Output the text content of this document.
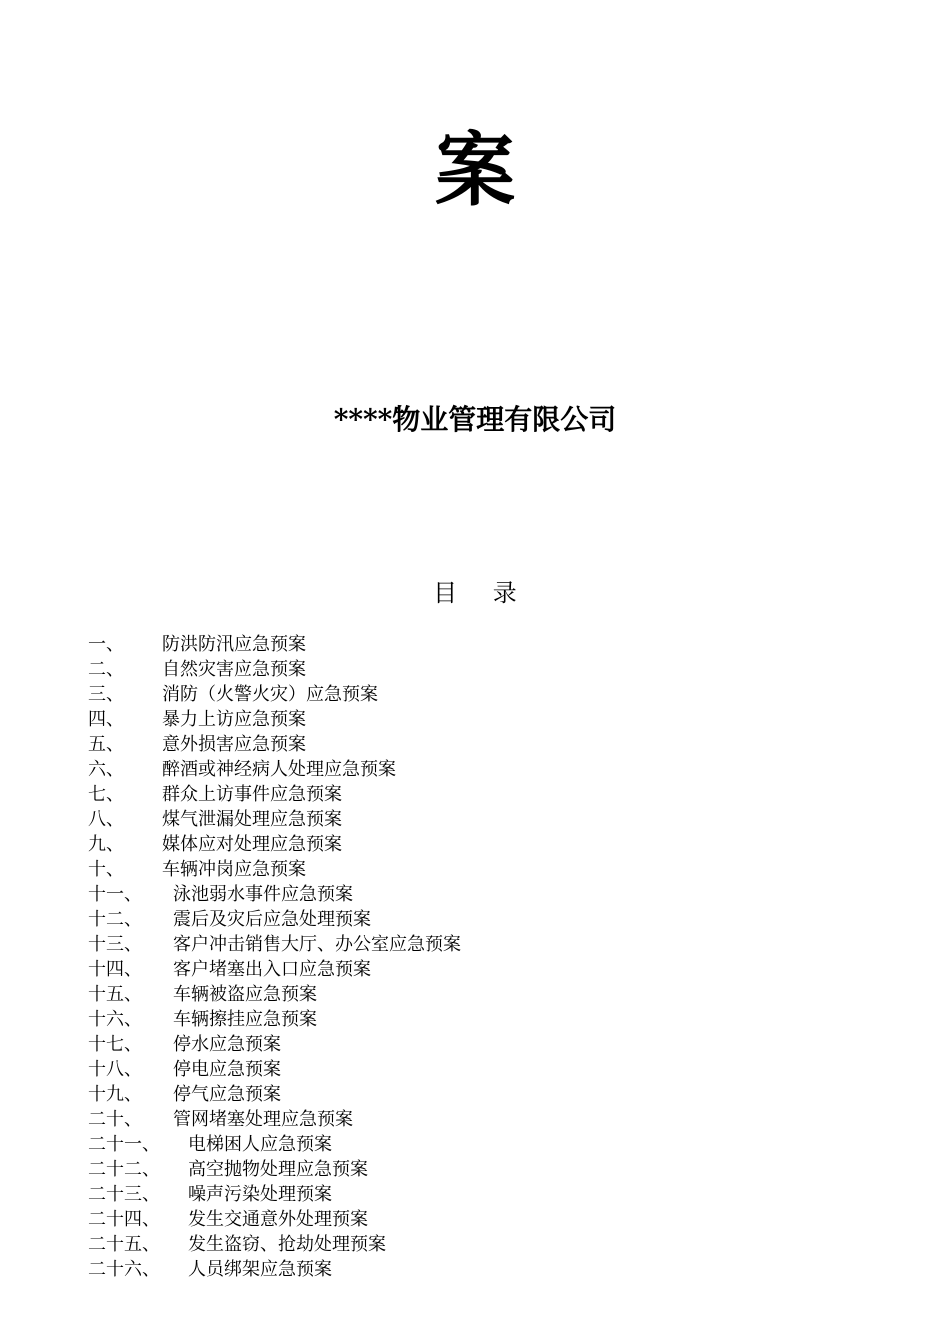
案
****物业管理有限公司
目 录
一、 防洪防汛应急预案
二、 自然灾害应急预案
三、 消防（火警火灾）应急预案
四、 暴力上访应急预案
五、 意外损害应急预案
六、 醉酒或神经病人处理应急预案
七、 群众上访事件应急预案
八、 煤气泄漏处理应急预案
九、 媒体应对处理应急预案
十、 车辆冲岗应急预案
十一、 泳池弱水事件应急预案
十二、 震后及灾后应急处理预案
十三、 客户冲击销售大厅、办公室应急预案
十四、 客户堵塞出入口应急预案
十五、 车辆被盗应急预案
十六、 车辆擦挂应急预案
十七、 停水应急预案
十八、 停电应急预案
十九、 停气应急预案
二十、 管网堵塞处理应急预案
二十一、 电梯困人应急预案
二十二、 高空抛物处理应急预案
二十三、 噪声污染处理预案
二十四、 发生交通意外处理预案
二十五、 发生盗窃、抢劫处理预案
二十六、 人员绑架应急预案
